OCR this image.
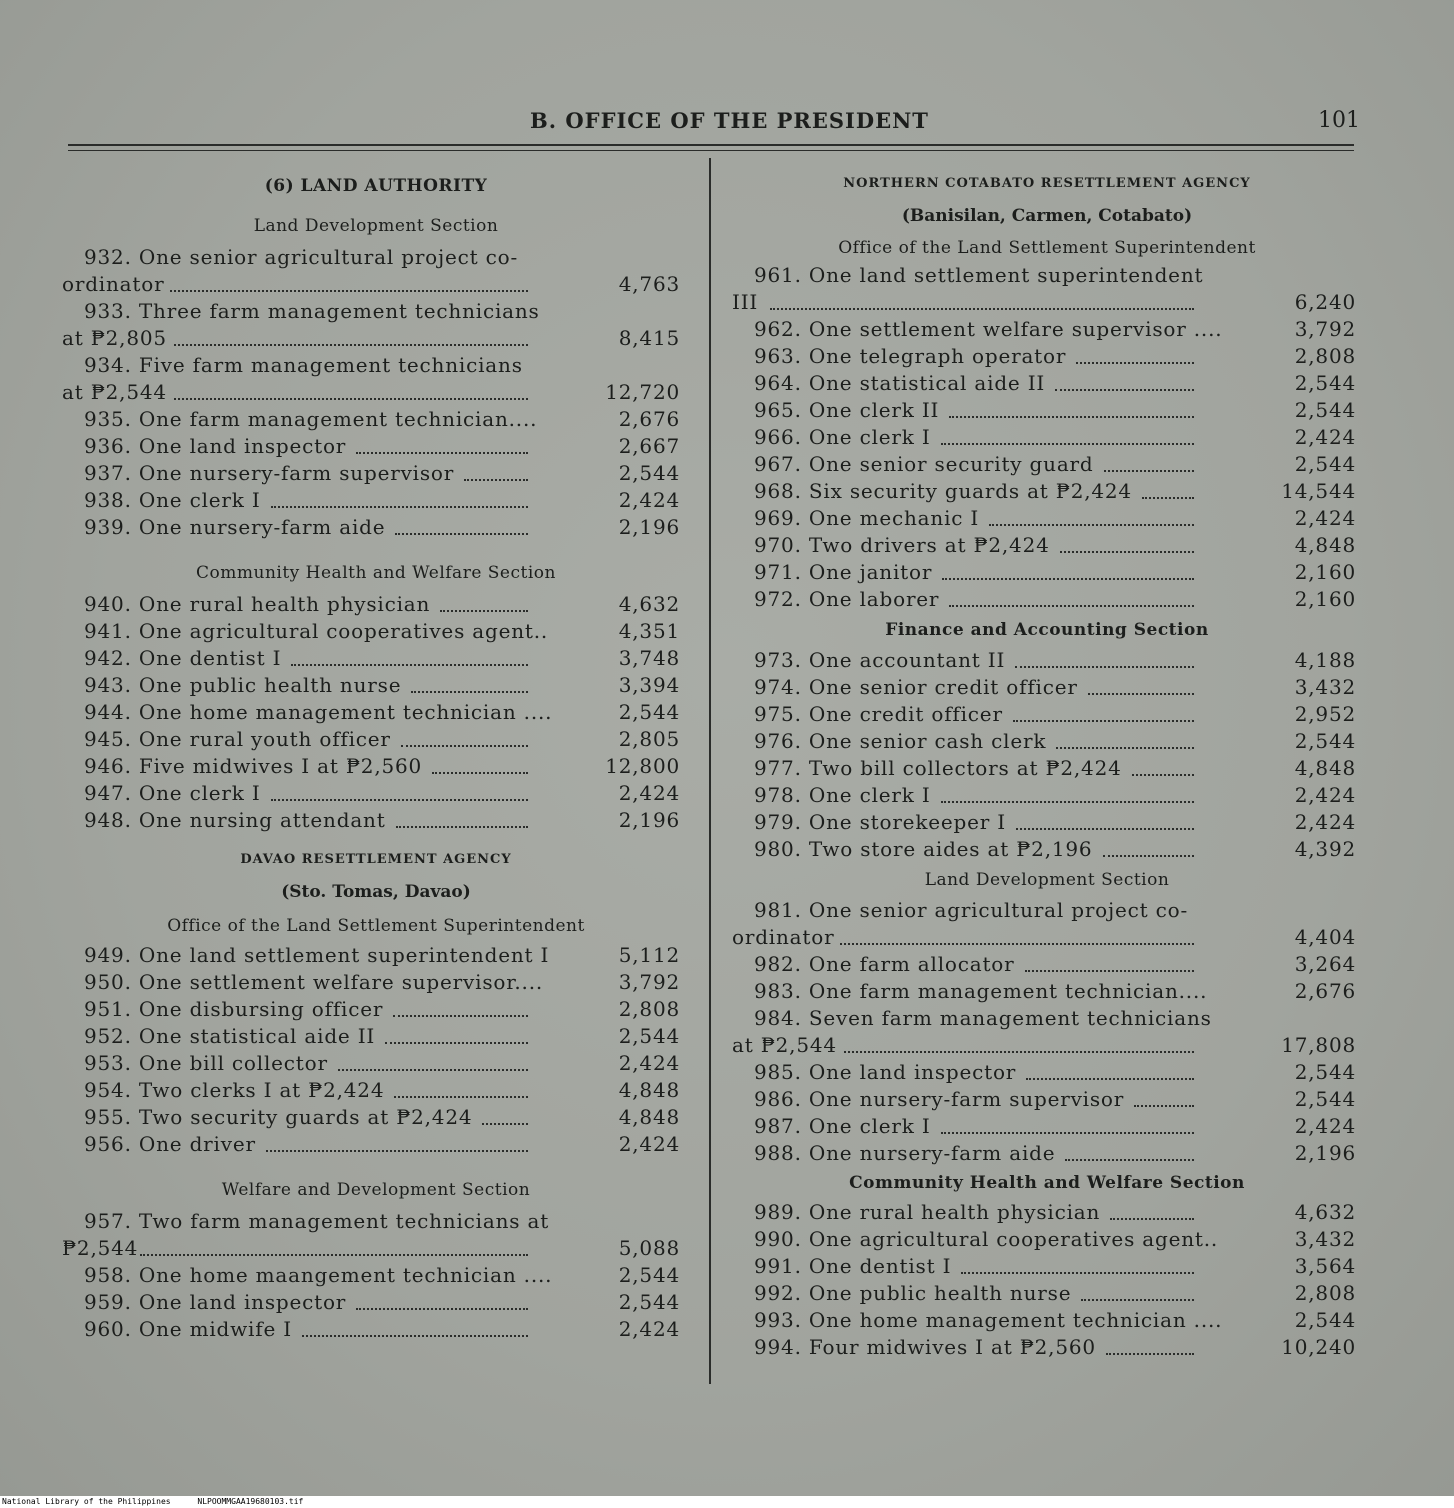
B. OFFICE OF THE PRESIDENT	101
(6) LAND AUTHORITY
Land Development Section
932. One senior agricultural project co-
ordinator	4,763
933. Three farm management technicians
at ₱2,805	8,415
934. Five farm management technicians
at ₱2,544	12,720
935. One farm management technician....	2,676
936. One land inspector	2,667
937. One nursery-farm supervisor	2,544
938. One clerk I	2,424
939. One nursery-farm aide	2,196
Community Health and Welfare Section
940. One rural health physician	4,632
941. One agricultural cooperatives agent..	4,351
942. One dentist I	3,748
943. One public health nurse	3,394
944. One home management technician ....	2,544
945. One rural youth officer	2,805
946. Five midwives I at ₱2,560	12,800
947. One clerk I	2,424
948. One nursing attendant	2,196
DAVAO RESETTLEMENT AGENCY
(Sto. Tomas, Davao)
Office of the Land Settlement Superintendent
949. One land settlement superintendent I	5,112
950. One settlement welfare supervisor....	3,792
951. One disbursing officer	2,808
952. One statistical aide II	2,544
953. One bill collector	2,424
954. Two clerks I at ₱2,424	4,848
955. Two security guards at ₱2,424	4,848
956. One driver	2,424
Welfare and Development Section
957. Two farm management technicians at
₱2,544	5,088
958. One home maangement technician ....	2,544
959. One land inspector	2,544
960. One midwife I	2,424
NORTHERN COTABATO RESETTLEMENT AGENCY
(Banisilan, Carmen, Cotabato)
Office of the Land Settlement Superintendent
961. One land settlement superintendent
III	6,240
962. One settlement welfare supervisor ....	3,792
963. One telegraph operator	2,808
964. One statistical aide II	2,544
965. One clerk II	2,544
966. One clerk I	2,424
967. One senior security guard	2,544
968. Six security guards at ₱2,424	14,544
969. One mechanic I	2,424
970. Two drivers at ₱2,424	4,848
971. One janitor	2,160
972. One laborer	2,160
Finance and Accounting Section
973. One accountant II	4,188
974. One senior credit officer	3,432
975. One credit officer	2,952
976. One senior cash clerk	2,544
977. Two bill collectors at ₱2,424	4,848
978. One clerk I	2,424
979. One storekeeper I	2,424
980. Two store aides at ₱2,196	4,392
Land Development Section
981. One senior agricultural project co-
ordinator	4,404
982. One farm allocator	3,264
983. One farm management technician....	2,676
984. Seven farm management technicians
at ₱2,544	17,808
985. One land inspector	2,544
986. One nursery-farm supervisor	2,544
987. One clerk I	2,424
988. One nursery-farm aide	2,196
Community Health and Welfare Section
989. One rural health physician	4,632
990. One agricultural cooperatives agent..	3,432
991. One dentist I	3,564
992. One public health nurse	2,808
993. One home management technician ....	2,544
994. Four midwives I at ₱2,560	10,240
National Library of the Philippines	NLPOOMMGAA19680103.tif
